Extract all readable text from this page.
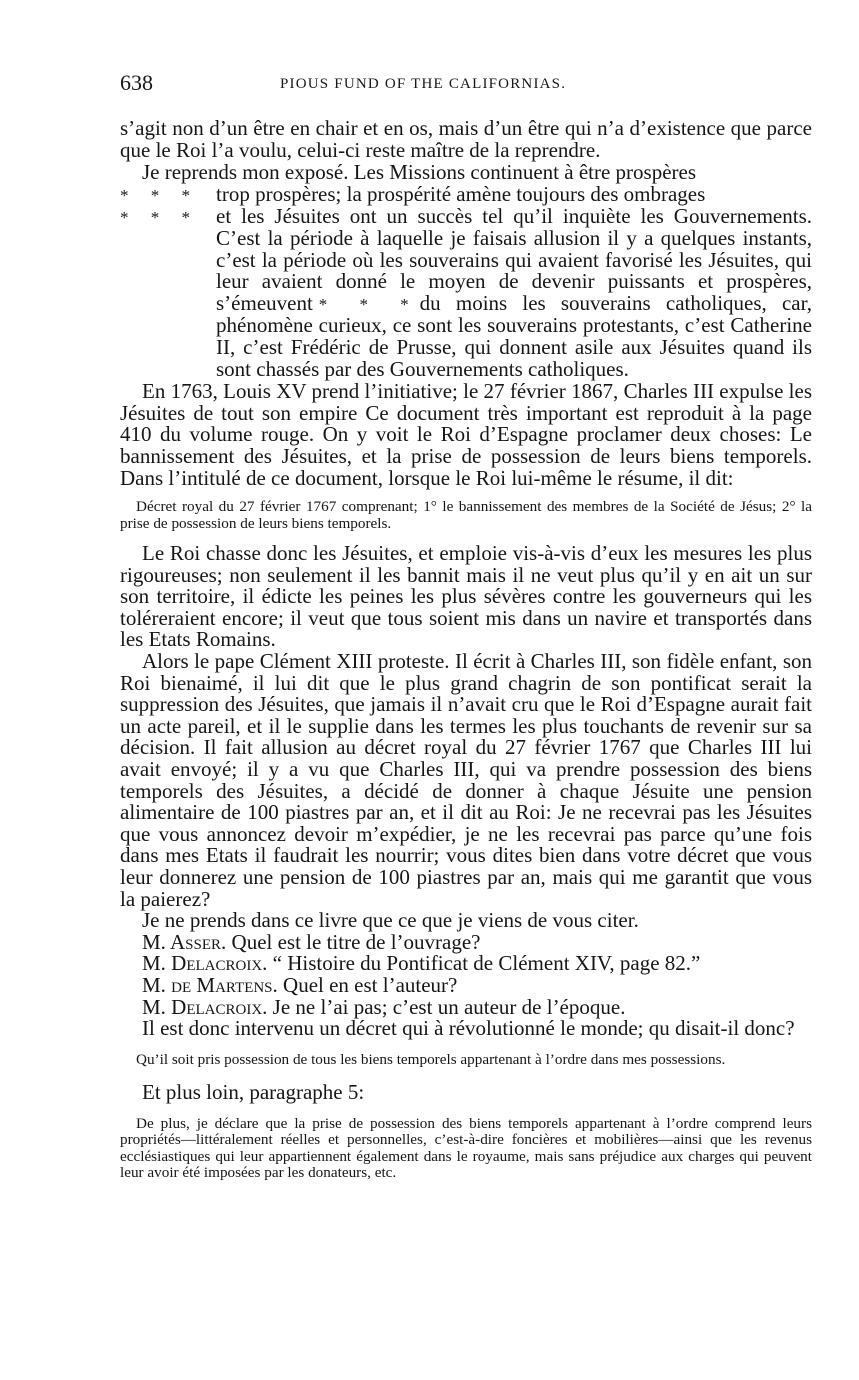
638	PIOUS FUND OF THE CALIFORNIAS.

s’agit non d’un être en chair et en os, mais d’un être qui n’a d’existence que parce que le Roi l’a voulu, celui-ci reste maître de la reprendre.

Je reprends mon exposé. Les Missions continuent à être prospères

* * * trop prospères; la prospérité amène toujours des ombrages
* * * et les Jésuites ont un succès tel qu’il inquiète les Gouvernements. C’est la période à laquelle je faisais allusion il y a quelques instants, c’est la période où les souverains qui avaient favorisé les Jésuites, qui leur avaient donné le moyen de devenir puissants et prospères, s’émeuvent * * *du moins les souverains catholiques, car, phénomène curieux, ce sont les souverains protestants, c’est Catherine II, c’est Frédéric de Prusse, qui donnent asile aux Jésuites quand ils sont chassés par des Gouvernements catholiques.

En 1763, Louis XV prend l’initiative; le 27 février 1867, Charles III expulse les Jésuites de tout son empire Ce document très important est reproduit à la page 410 du volume rouge. On y voit le Roi d’Espagne proclamer deux choses: Le bannissement des Jésuites, et la prise de possession de leurs biens temporels. Dans l’intitulé de ce document, lorsque le Roi lui-même le résume, il dit:

Décret royal du 27 février 1767 comprenant; 1° le bannissement des membres de la Société de Jésus; 2° la prise de possession de leurs biens temporels.

Le Roi chasse donc les Jésuites, et emploie vis-à-vis d’eux les mesures les plus rigoureuses; non seulement il les bannit mais il ne veut plus qu’il y en ait un sur son territoire, il édicte les peines les plus sévères contre les gouverneurs qui les toléreraient encore; il veut que tous soient mis dans un navire et transportés dans les Etats Romains.

Alors le pape Clément XIII proteste. Il écrit à Charles III, son fidèle enfant, son Roi bienaimé, il lui dit que le plus grand chagrin de son pontificat serait la suppression des Jésuites, que jamais il n’avait cru que le Roi d’Espagne aurait fait un acte pareil, et il le supplie dans les termes les plus touchants de revenir sur sa décision. Il fait allusion au décret royal du 27 février 1767 que Charles III lui avait envoyé; il y a vu que Charles III, qui va prendre possession des biens temporels des Jésuites, a décidé de donner à chaque Jésuite une pension alimentaire de 100 piastres par an, et il dit au Roi: Je ne recevrai pas les Jésuites que vous annoncez devoir m’expédier, je ne les recevrai pas parce qu’une fois dans mes Etats il faudrait les nourrir; vous dites bien dans votre décret que vous leur donnerez une pension de 100 piastres par an, mais qui me garantit que vous la paierez?

Je ne prends dans ce livre que ce que je viens de vous citer.

M. Asser. Quel est le titre de l’ouvrage?

M. Delacroix. “ Histoire du Pontificat de Clément XIV, page 82.”

M. de Martens. Quel en est l’auteur?

M. Delacroix. Je ne l’ai pas; c’est un auteur de l’époque.

Il est donc intervenu un décret qui à révolutionné le monde; qu disait-il donc?

Qu’il soit pris possession de tous les biens temporels appartenant à l’ordre dans mes possessions.

Et plus loin, paragraphe 5:

De plus, je déclare que la prise de possession des biens temporels appartenant à l’ordre comprend leurs propriétés—littéralement réelles et personnelles, c’est-à-dire foncières et mobilières—ainsi que les revenus ecclésiastiques qui leur appartiennent également dans le royaume, mais sans préjudice aux charges qui peuvent leur avoir été imposées par les donateurs, etc.
